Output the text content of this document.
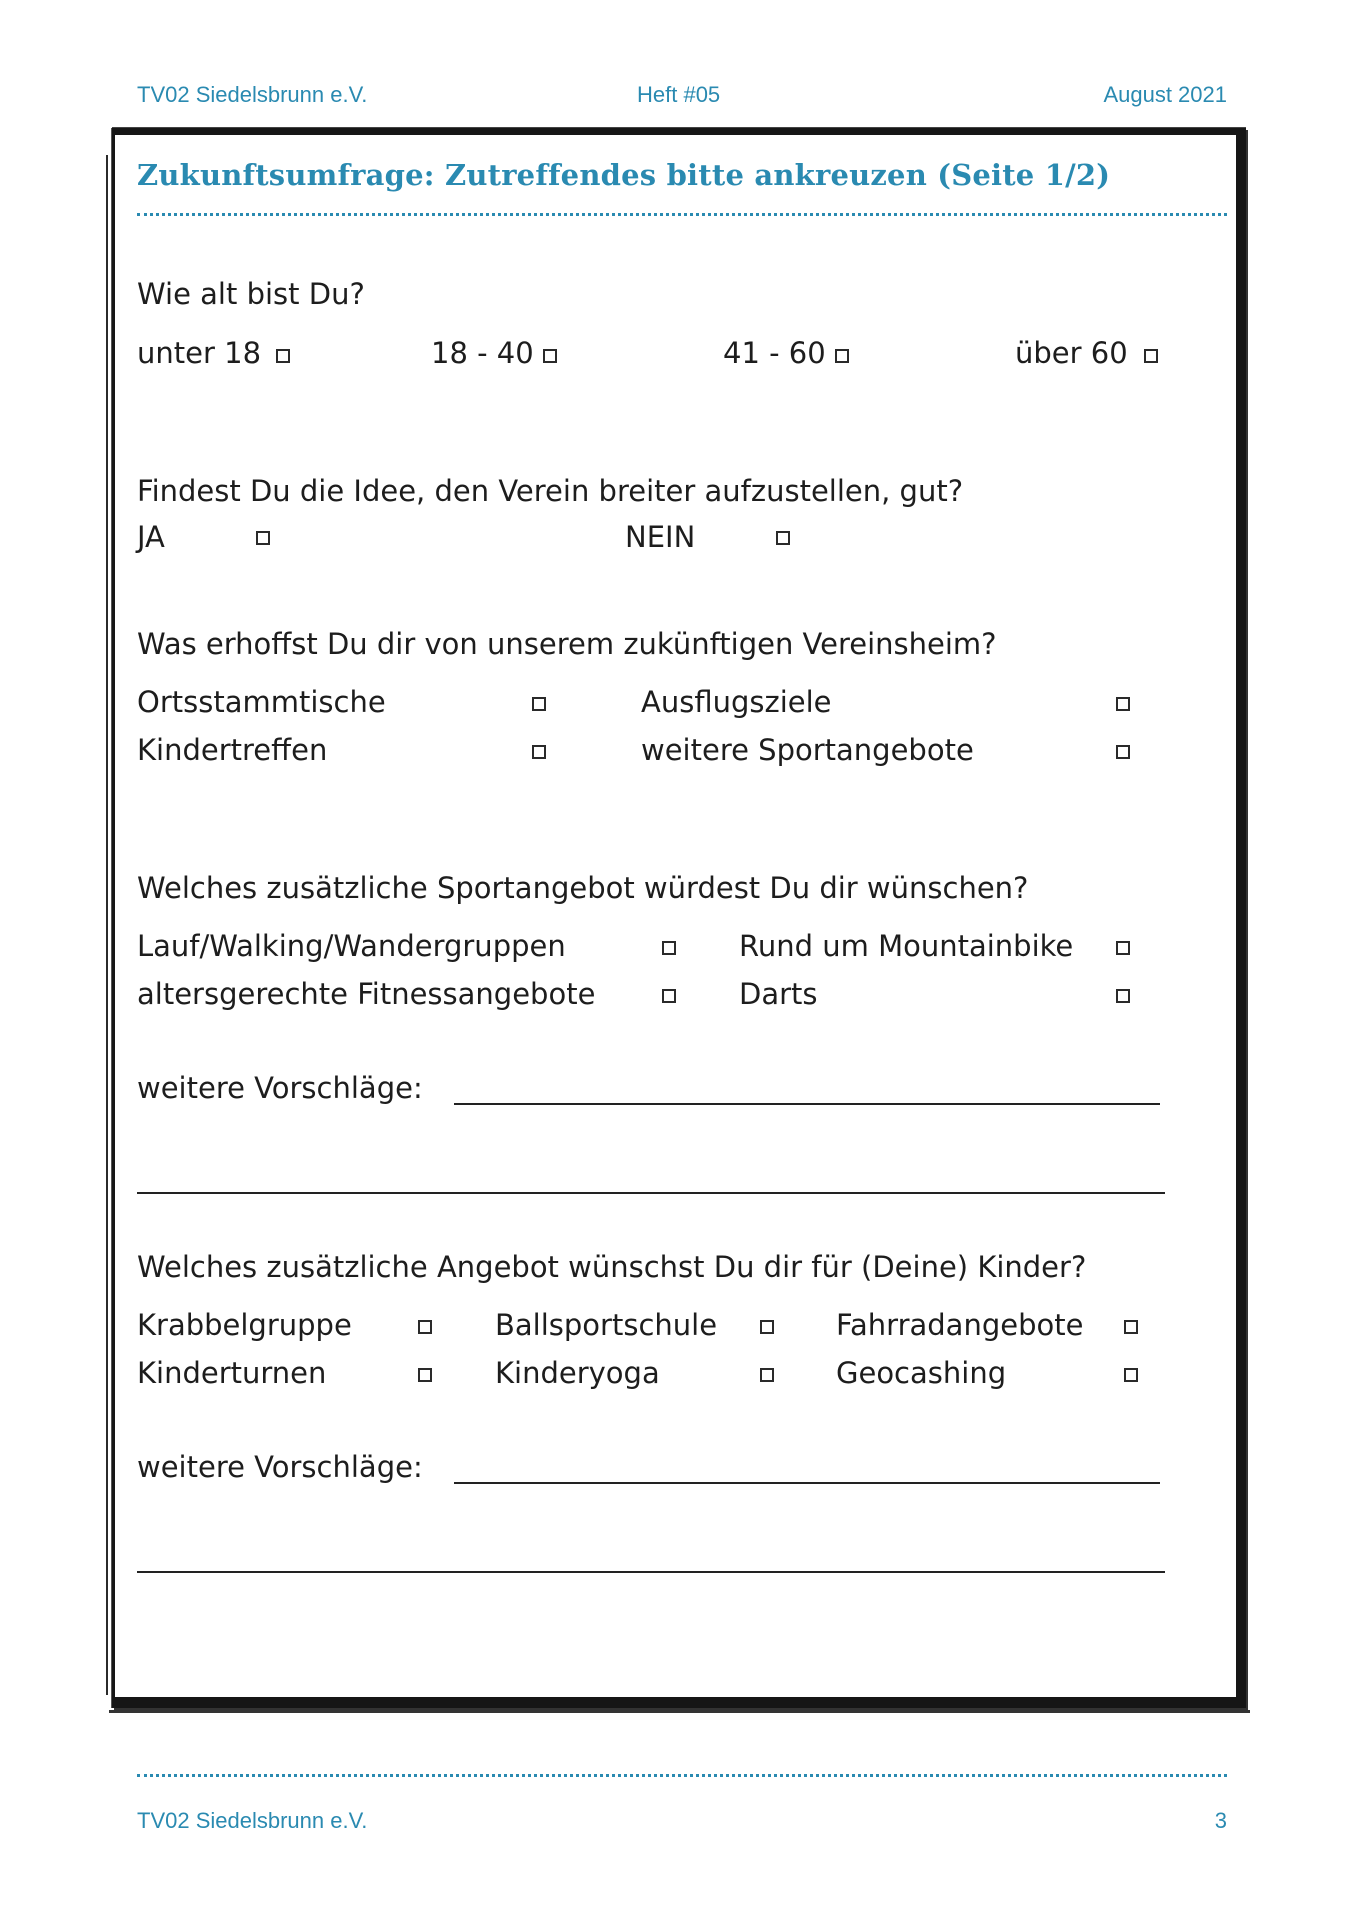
TV02 Siedelsbrunn e.V.	Heft #05	August 2021
Zukunftsumfrage: Zutreffendes bitte ankreuzen (Seite 1/2)
Wie alt bist Du?
unter 18	18 - 40	41 - 60	über 60
Findest Du die Idee, den Verein breiter aufzustellen, gut?
JA	NEIN
Was erhoffst Du dir von unserem zukünftigen Vereinsheim?
Ortsstammtische	Ausflugsziele
Kindertreffen	weitere Sportangebote
Welches zusätzliche Sportangebot würdest Du dir wünschen?
Lauf/Walking/Wandergruppen	Rund um Mountainbike
altersgerechte Fitnessangebote	Darts
weitere Vorschläge:
Welches zusätzliche Angebot wünschst Du dir für (Deine) Kinder?
Krabbelgruppe	Ballsportschule	Fahrradangebote
Kinderturnen	Kinderyoga	Geocashing
weitere Vorschläge:
TV02 Siedelsbrunn e.V.	3
